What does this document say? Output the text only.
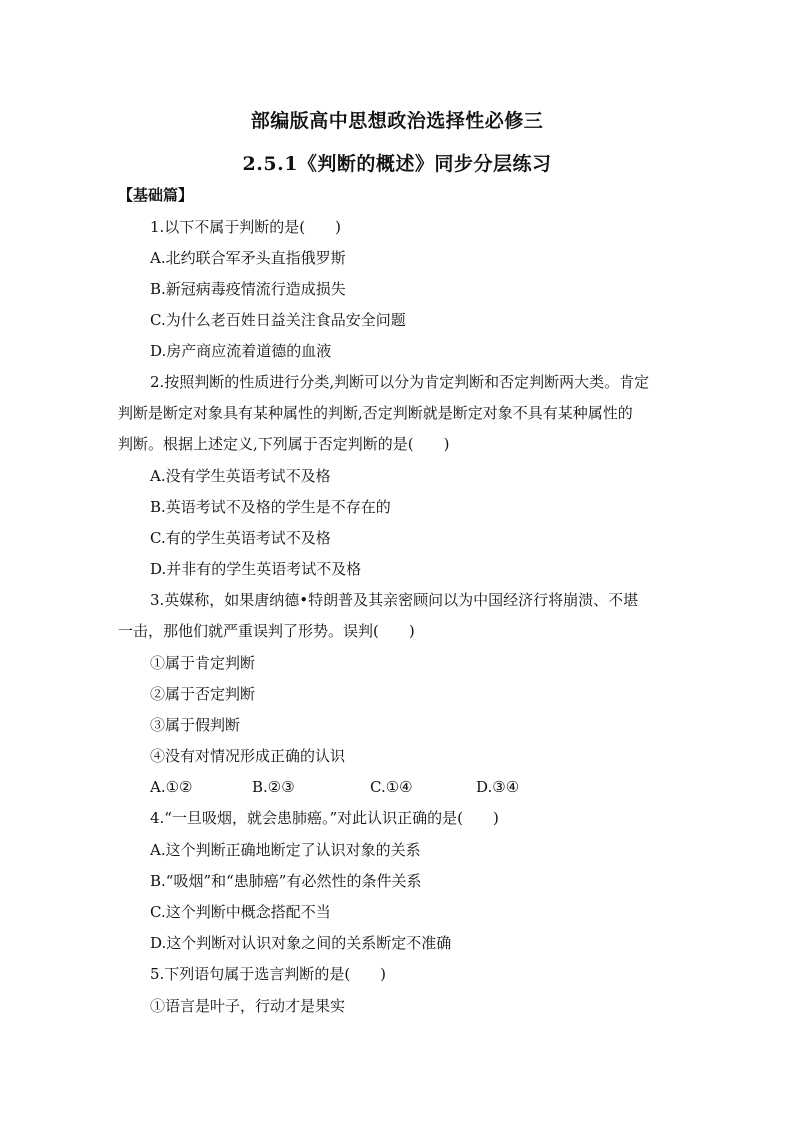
部编版高中思想政治选择性必修三
2.5.1《判断的概述》同步分层练习
【基础篇】
1.以下不属于判断的是(　　)
A.北约联合军矛头直指俄罗斯
B.新冠病毒疫情流行造成损失
C.为什么老百姓日益关注食品安全问题
D.房产商应流着道德的血液
2.按照判断的性质进行分类,判断可以分为肯定判断和否定判断两大类。肯定
判断是断定对象具有某种属性的判断,否定判断就是断定对象不具有某种属性的
判断。根据上述定义,下列属于否定判断的是(　　)
A.没有学生英语考试不及格
B.英语考试不及格的学生是不存在的
C.有的学生英语考试不及格
D.并非有的学生英语考试不及格
3.英媒称，如果唐纳德•特朗普及其亲密顾问以为中国经济行将崩溃、不堪
一击，那他们就严重误判了形势。误判(　　)
①属于肯定判断
②属于否定判断
③属于假判断
④没有对情况形成正确的认识
A.①②	B.②③	C.①④	D.③④
4.“一旦吸烟，就会患肺癌。”对此认识正确的是(　　)
A.这个判断正确地断定了认识对象的关系
B.“吸烟”和“患肺癌”有必然性的条件关系
C.这个判断中概念搭配不当
D.这个判断对认识对象之间的关系断定不准确
5.下列语句属于选言判断的是(　　)
①语言是叶子，行动才是果实
